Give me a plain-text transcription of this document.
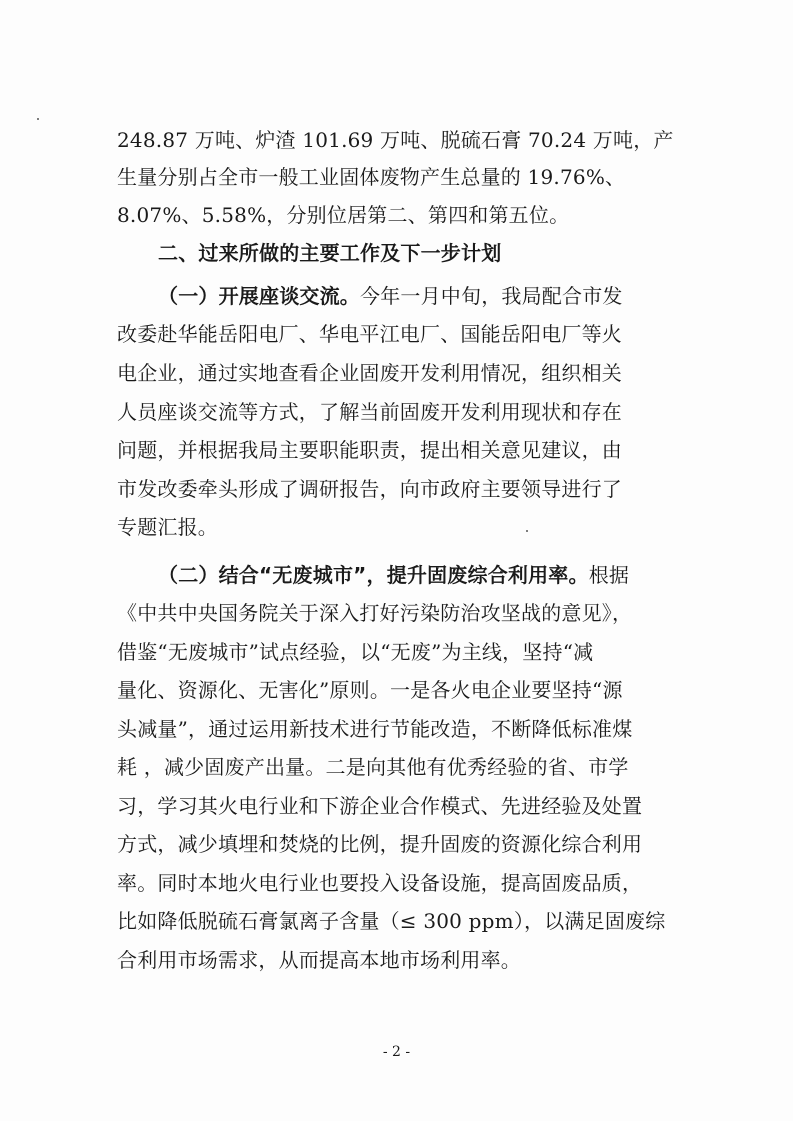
248.87 万吨、炉渣 101.69 万吨、脱硫石膏 70.24 万吨，产
生量分别占全市一般工业固体废物产生总量的 19.76%、
8.07%、5.58%，分别位居第二、第四和第五位。
二、过来所做的主要工作及下一步计划
（一）开展座谈交流。今年一月中旬，我局配合市发
改委赴华能岳阳电厂、华电平江电厂、国能岳阳电厂等火
电企业，通过实地查看企业固废开发利用情况，组织相关
人员座谈交流等方式，了解当前固废开发利用现状和存在
问题，并根据我局主要职能职责，提出相关意见建议，由
市发改委牵头形成了调研报告，向市政府主要领导进行了
专题汇报。
（二）结合“无废城市”，提升固废综合利用率。根据
《中共中央国务院关于深入打好污染防治攻坚战的意见》，
借鉴“无废城市”试点经验，以“无废”为主线，坚持“减
量化、资源化、无害化”原则。一是各火电企业要坚持“源
头减量”，通过运用新技术进行节能改造，不断降低标准煤
耗 ，减少固废产出量。二是向其他有优秀经验的省、市学
习，学习其火电行业和下游企业合作模式、先进经验及处置
方式，减少填埋和焚烧的比例，提升固废的资源化综合利用
率。同时本地火电行业也要投入设备设施，提高固废品质，
比如降低脱硫石膏氯离子含量（≤ 300 ppm），以满足固废综
合利用市场需求，从而提高本地市场利用率。
- 2 -
